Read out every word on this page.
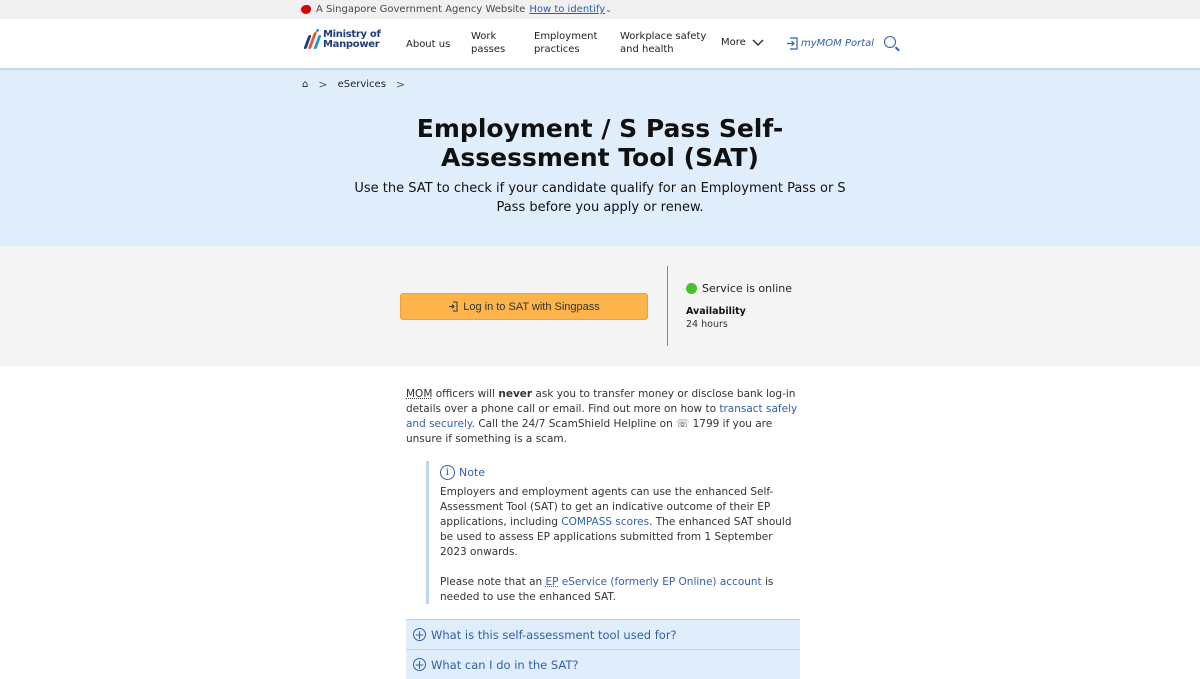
A Singapore Government Agency Website How to identify ⌄
Ministry of
Manpower	About us
Work
passes
Employment
practices
Workplace safety
and health
More	myMOM Portal
⌂ > eServices >
Employment / S Pass Self-Assessment Tool (SAT)

Use the SAT to check if your candidate qualify for an Employment Pass or S Pass before you apply or renew.

Log in to SAT with Singpass
Service is online
Availability
24 hours
MOM officers will never ask you to transfer money or disclose bank log-in details over a phone call or email. Find out more on how to transact safely and securely. Call the 24/7 ScamShield Helpline on ☏ 1799 if you are unsure if something is a scam.
i Note
Employers and employment agents can use the enhanced Self-Assessment Tool (SAT) to get an indicative outcome of their EP applications, including COMPASS scores. The enhanced SAT should be used to assess EP applications submitted from 1 September 2023 onwards.
Please note that an EP eService (formerly EP Online) account is needed to use the enhanced SAT.
+ What is this self-assessment tool used for?
+ What can I do in the SAT?
